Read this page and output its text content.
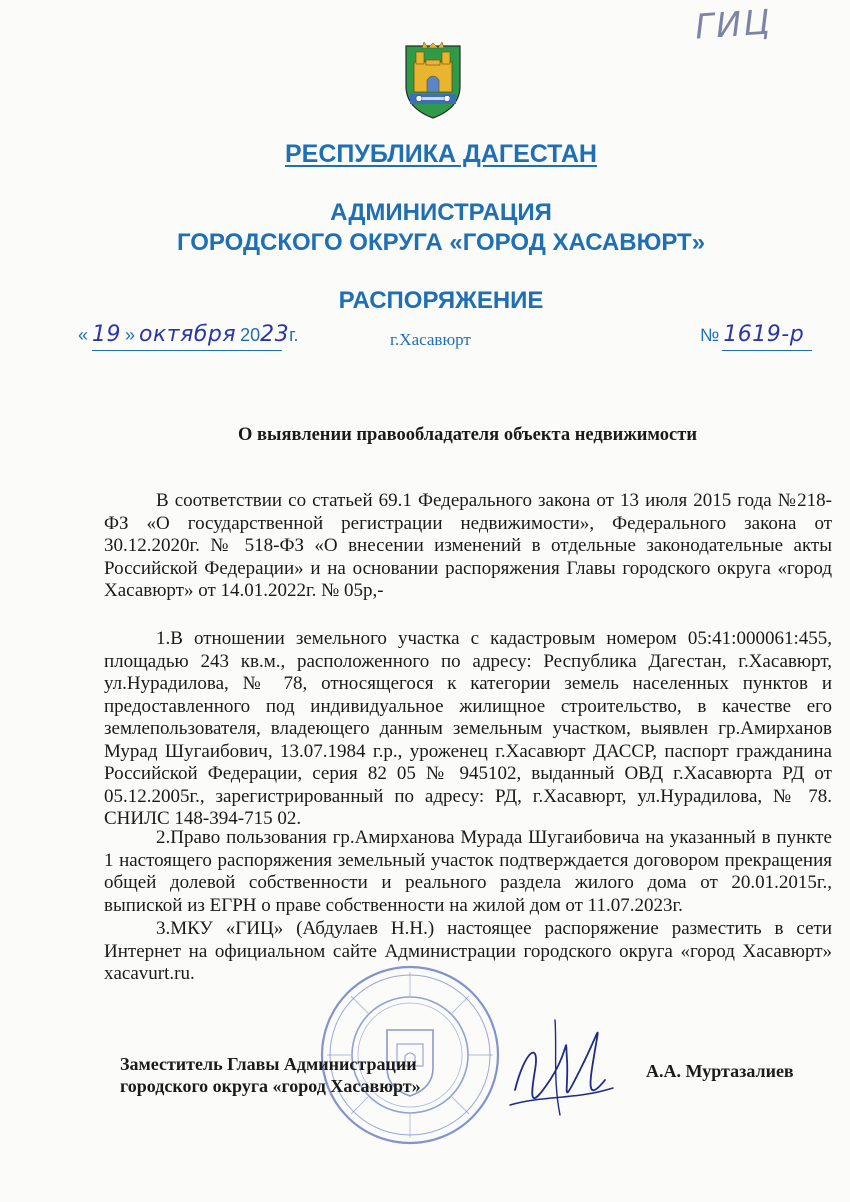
ГИЦ
РЕСПУБЛИКА ДАГЕСТАН
АДМИНИСТРАЦИЯ
ГОРОДСКОГО ОКРУГА «ГОРОД ХАСАВЮРТ»
РАСПОРЯЖЕНИЕ
« 19 » октября 2023г.	г.Хасавюрт	№ 1619-р
О выявлении правообладателя объекта недвижимости

В соответствии со статьей 69.1 Федерального закона от 13 июля 2015 года №218-ФЗ «О государственной регистрации недвижимости», Федерального закона от 30.12.2020г. № 518-ФЗ «О внесении изменений в отдельные законодательные акты Российской Федерации» и на основании распоряжения Главы городского округа «город Хасавюрт» от 14.01.2022г. № 05р,-

1.В отношении земельного участка с кадастровым номером 05:41:000061:455, площадью 243 кв.м., расположенного по адресу: Республика Дагестан, г.Хасавюрт, ул.Нурадилова, № 78, относящегося к категории земель населенных пунктов и предоставленного под индивидуальное жилищное строительство, в качестве его землепользователя, владеющего данным земельным участком, выявлен гр.Амирханов Мурад Шугаибович, 13.07.1984 г.р., уроженец г.Хасавюрт ДАССР, паспорт гражданина Российской Федерации, серия 82 05 № 945102, выданный ОВД г.Хасавюрта РД от 05.12.2005г., зарегистрированный по адресу: РД, г.Хасавюрт, ул.Нурадилова, № 78. СНИЛС 148-394-715 02.

2.Право пользования гр.Амирханова Мурада Шугаибовича на указанный в пункте 1 настоящего распоряжения земельный участок подтверждается договором прекращения общей долевой собственности и реального раздела жилого дома от 20.01.2015г., выпиской из ЕГРН о праве собственности на жилой дом от 11.07.2023г.

3.МКУ «ГИЦ» (Абдулаев Н.Н.) настоящее распоряжение разместить в сети Интернет на официальном сайте Администрации городского округа «город Хасавюрт» xacavurt.ru.

Заместитель Главы Администрации
городского округа «город Хасавюрт»
А.А. Муртазалиев
